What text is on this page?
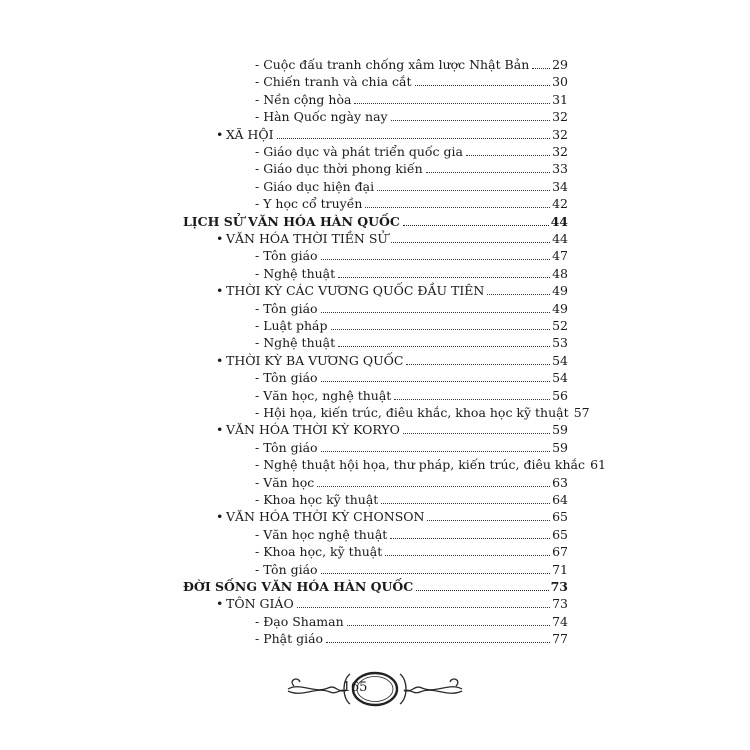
- Cuộc đấu tranh chống xâm lược Nhật Bản 29
- Chiến tranh và chia cắt	30
- Nền cộng hòa	31
- Hàn Quốc ngày nay	32
• XÃ HỘI	32
- Giáo dục và phát triển quốc gia	32
- Giáo dục thời phong kiến	33
- Giáo dục hiện đại	34
- Y học cổ truyền	42
LỊCH SỬ VĂN HÓA HÀN QUỐC	44
• VĂN HÓA THỜI TIỀN SỬ	44
- Tôn giáo	47
- Nghệ thuật	48
• THỜI KỲ CÁC VƯƠNG QUỐC ĐẦU TIÊN	49
- Tôn giáo	49
- Luật pháp	52
- Nghệ thuật	53
• THỜI KỲ BA VƯƠNG QUỐC	54
- Tôn giáo	54
- Văn học, nghệ thuật	56
- Hội họa, kiến trúc, điêu khắc, khoa học kỹ thuật 57
• VĂN HÓA THỜI KỲ KORYO	59
- Tôn giáo	59
- Nghệ thuật hội họa, thư pháp, kiến trúc, điêu khắc 61
- Văn học	63
- Khoa học kỹ thuật	64
• VĂN HÓA THỜI KỲ CHONSON	65
- Văn học nghệ thuật	65
- Khoa học, kỹ thuật	67
- Tôn giáo	71
ĐỜI SỐNG VĂN HÓA HÀN QUỐC	73
• TÔN GIÁO	73
- Đạo Shaman	74
- Phật giáo	77
165
